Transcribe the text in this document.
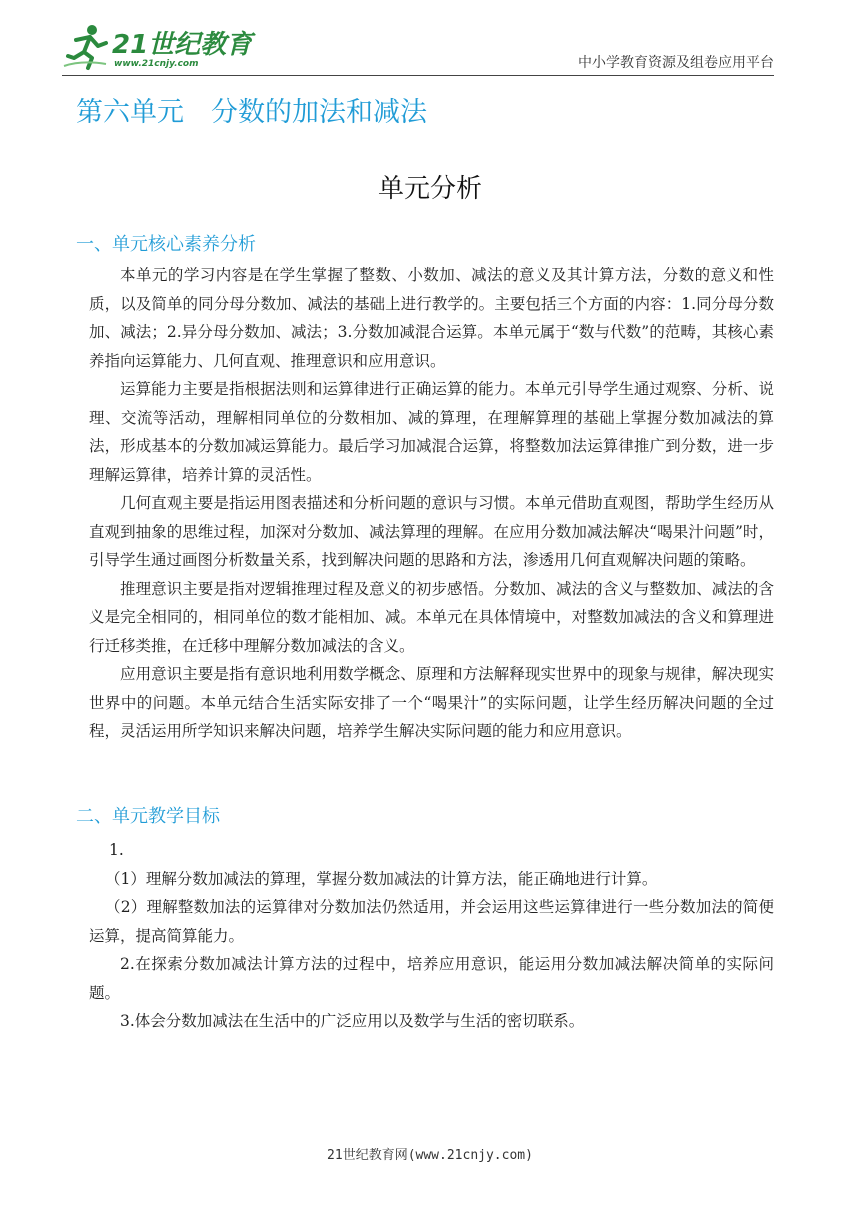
21世纪教育
www.21cnjy.com	中小学教育资源及组卷应用平台
第六单元　分数的加法和减法
单元分析
一、单元核心素养分析

本单元的学习内容是在学生掌握了整数、小数加、减法的意义及其计算方法，分数的意义和性质，以及简单的同分母分数加、减法的基础上进行教学的。主要包括三个方面的内容：1.同分母分数加、减法；2.异分母分数加、减法；3.分数加减混合运算。本单元属于“数与代数”的范畴，其核心素养指向运算能力、几何直观、推理意识和应用意识。

运算能力主要是指根据法则和运算律进行正确运算的能力。本单元引导学生通过观察、分析、说理、交流等活动，理解相同单位的分数相加、减的算理，在理解算理的基础上掌握分数加减法的算法，形成基本的分数加减运算能力。最后学习加减混合运算，将整数加法运算律推广到分数，进一步理解运算律，培养计算的灵活性。

几何直观主要是指运用图表描述和分析问题的意识与习惯。本单元借助直观图，帮助学生经历从直观到抽象的思维过程，加深对分数加、减法算理的理解。在应用分数加减法解决“喝果汁问题”时，引导学生通过画图分析数量关系，找到解决问题的思路和方法，渗透用几何直观解决问题的策略。

推理意识主要是指对逻辑推理过程及意义的初步感悟。分数加、减法的含义与整数加、减法的含义是完全相同的，相同单位的数才能相加、减。本单元在具体情境中，对整数加减法的含义和算理进行迁移类推，在迁移中理解分数加减法的含义。

应用意识主要是指有意识地利用数学概念、原理和方法解释现实世界中的现象与规律，解决现实世界中的问题。本单元结合生活实际安排了一个“喝果汁”的实际问题，让学生经历解决问题的全过程，灵活运用所学知识来解决问题，培养学生解决实际问题的能力和应用意识。

二、单元教学目标

1.

（1）理解分数加减法的算理，掌握分数加减法的计算方法，能正确地进行计算。

（2）理解整数加法的运算律对分数加法仍然适用，并会运用这些运算律进行一些分数加法的简便运算，提高简算能力。

2.在探索分数加减法计算方法的过程中，培养应用意识，能运用分数加减法解决简单的实际问题。

3.体会分数加减法在生活中的广泛应用以及数学与生活的密切联系。

21世纪教育网(www.21cnjy.com)
